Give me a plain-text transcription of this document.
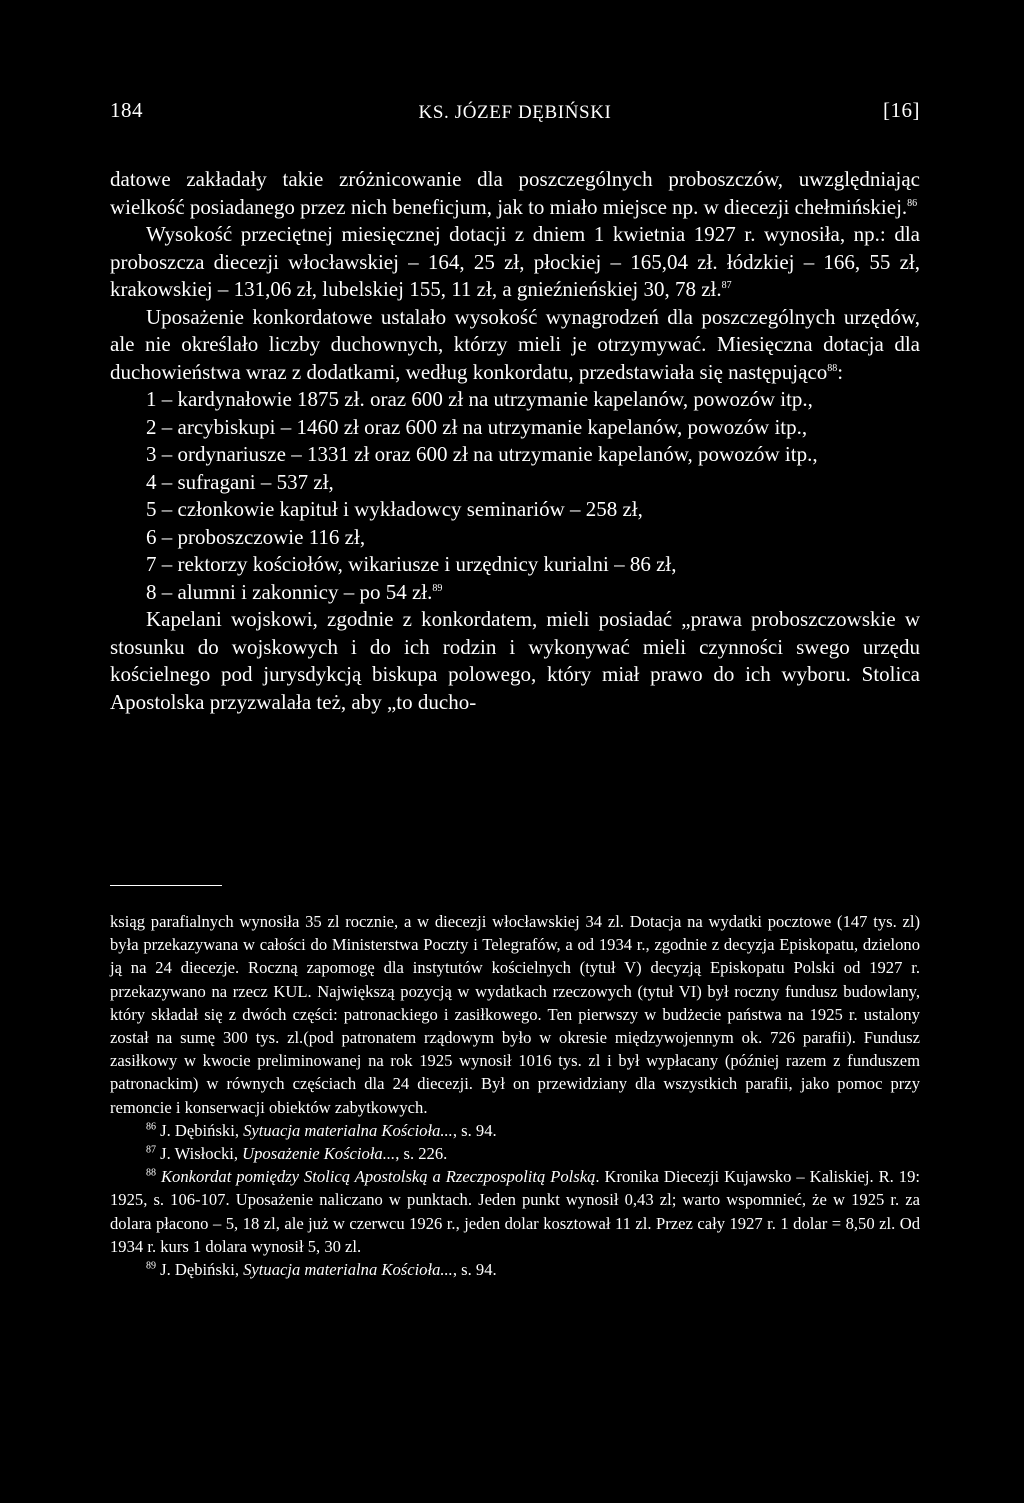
184	KS. JÓZEF DĘBIŃSKI	[16]

datowe zakładały takie zróżnicowanie dla poszczególnych proboszczów, uwzględniając wielkość posiadanego przez nich beneficjum, jak to miało miejsce np. w diecezji chełmińskiej.$^{86}$

Wysokość przeciętnej miesięcznej dotacji z dniem 1 kwietnia 1927 r. wynosiła, np.: dla proboszcza diecezji włocławskiej – 164, 25 zł, płockiej – 165,04 zł. łódzkiej – 166, 55 zł, krakowskiej – 131,06 zł, lubelskiej 155, 11 zł, a gnieźnieńskiej 30, 78 zł.$^{87}$

Uposażenie konkordatowe ustalało wysokość wynagrodzeń dla poszczególnych urzędów, ale nie określało liczby duchownych, którzy mieli je otrzymywać. Miesięczna dotacja dla duchowieństwa wraz z dodatkami, według konkordatu, przedstawiała się następująco$^{88}$:

1 – kardynałowie 1875 zł. oraz 600 zł na utrzymanie kapelanów, powozów itp.,

2 – arcybiskupi – 1460 zł oraz 600 zł na utrzymanie kapelanów, powozów itp.,

3 – ordynariusze – 1331 zł oraz 600 zł na utrzymanie kapelanów, powozów itp.,

4 – sufragani – 537 zł,

5 – członkowie kapituł i wykładowcy seminariów – 258 zł,

6 – proboszczowie 116 zł,

7 – rektorzy kościołów, wikariusze i urzędnicy kurialni – 86 zł,

8 – alumni i zakonnicy – po 54 zł.$^{89}$

Kapelani wojskowi, zgodnie z konkordatem, mieli posiadać „prawa proboszczowskie w stosunku do wojskowych i do ich rodzin i wykonywać mieli czynności swego urzędu kościelnego pod jurysdykcją biskupa polowego, który miał prawo do ich wyboru. Stolica Apostolska przyzwalała też, aby „to ducho-

ksiąg parafialnych wynosiła 35 zl rocznie, a w diecezji włocławskiej 34 zl. Dotacja na wydatki pocztowe (147 tys. zl) była przekazywana w całości do Ministerstwa Poczty i Telegrafów, a od 1934 r., zgodnie z decyzja Episkopatu, dzielono ją na 24 diecezje. Roczną zapomogę dla instytutów kościelnych (tytuł V) decyzją Episkopatu Polski od 1927 r. przekazywano na rzecz KUL. Największą pozycją w wydatkach rzeczowych (tytuł VI) był roczny fundusz budowlany, który składał się z dwóch części: patronackiego i zasiłkowego. Ten pierwszy w budżecie państwa na 1925 r. ustalony został na sumę 300 tys. zl.(pod patronatem rządowym było w okresie międzywojennym ok. 726 parafii). Fundusz zasiłkowy w kwocie preliminowanej na rok 1925 wynosił 1016 tys. zl i był wypłacany (później razem z funduszem patronackim) w równych częściach dla 24 diecezji. Był on przewidziany dla wszystkich parafii, jako pomoc przy remoncie i konserwacji obiektów zabytkowych.

$^{86}$ J. Dębiński, Sytuacja materialna Kościoła..., s. 94.

$^{87}$ J. Wisłocki, Uposażenie Kościoła..., s. 226.

$^{88}$ Konkordat pomiędzy Stolicą Apostolską a Rzeczpospolitą Polską. Kronika Diecezji Kujawsko – Kaliskiej. R. 19: 1925, s. 106-107. Uposażenie naliczano w punktach. Jeden punkt wynosił 0,43 zl; warto wspomnieć, że w 1925 r. za dolara płacono – 5, 18 zl, ale już w czerwcu 1926 r., jeden dolar kosztował 11 zl. Przez cały 1927 r. 1 dolar = 8,50 zl. Od 1934 r. kurs 1 dolara wynosił 5, 30 zl.

$^{89}$ J. Dębiński, Sytuacja materialna Kościoła..., s. 94.
